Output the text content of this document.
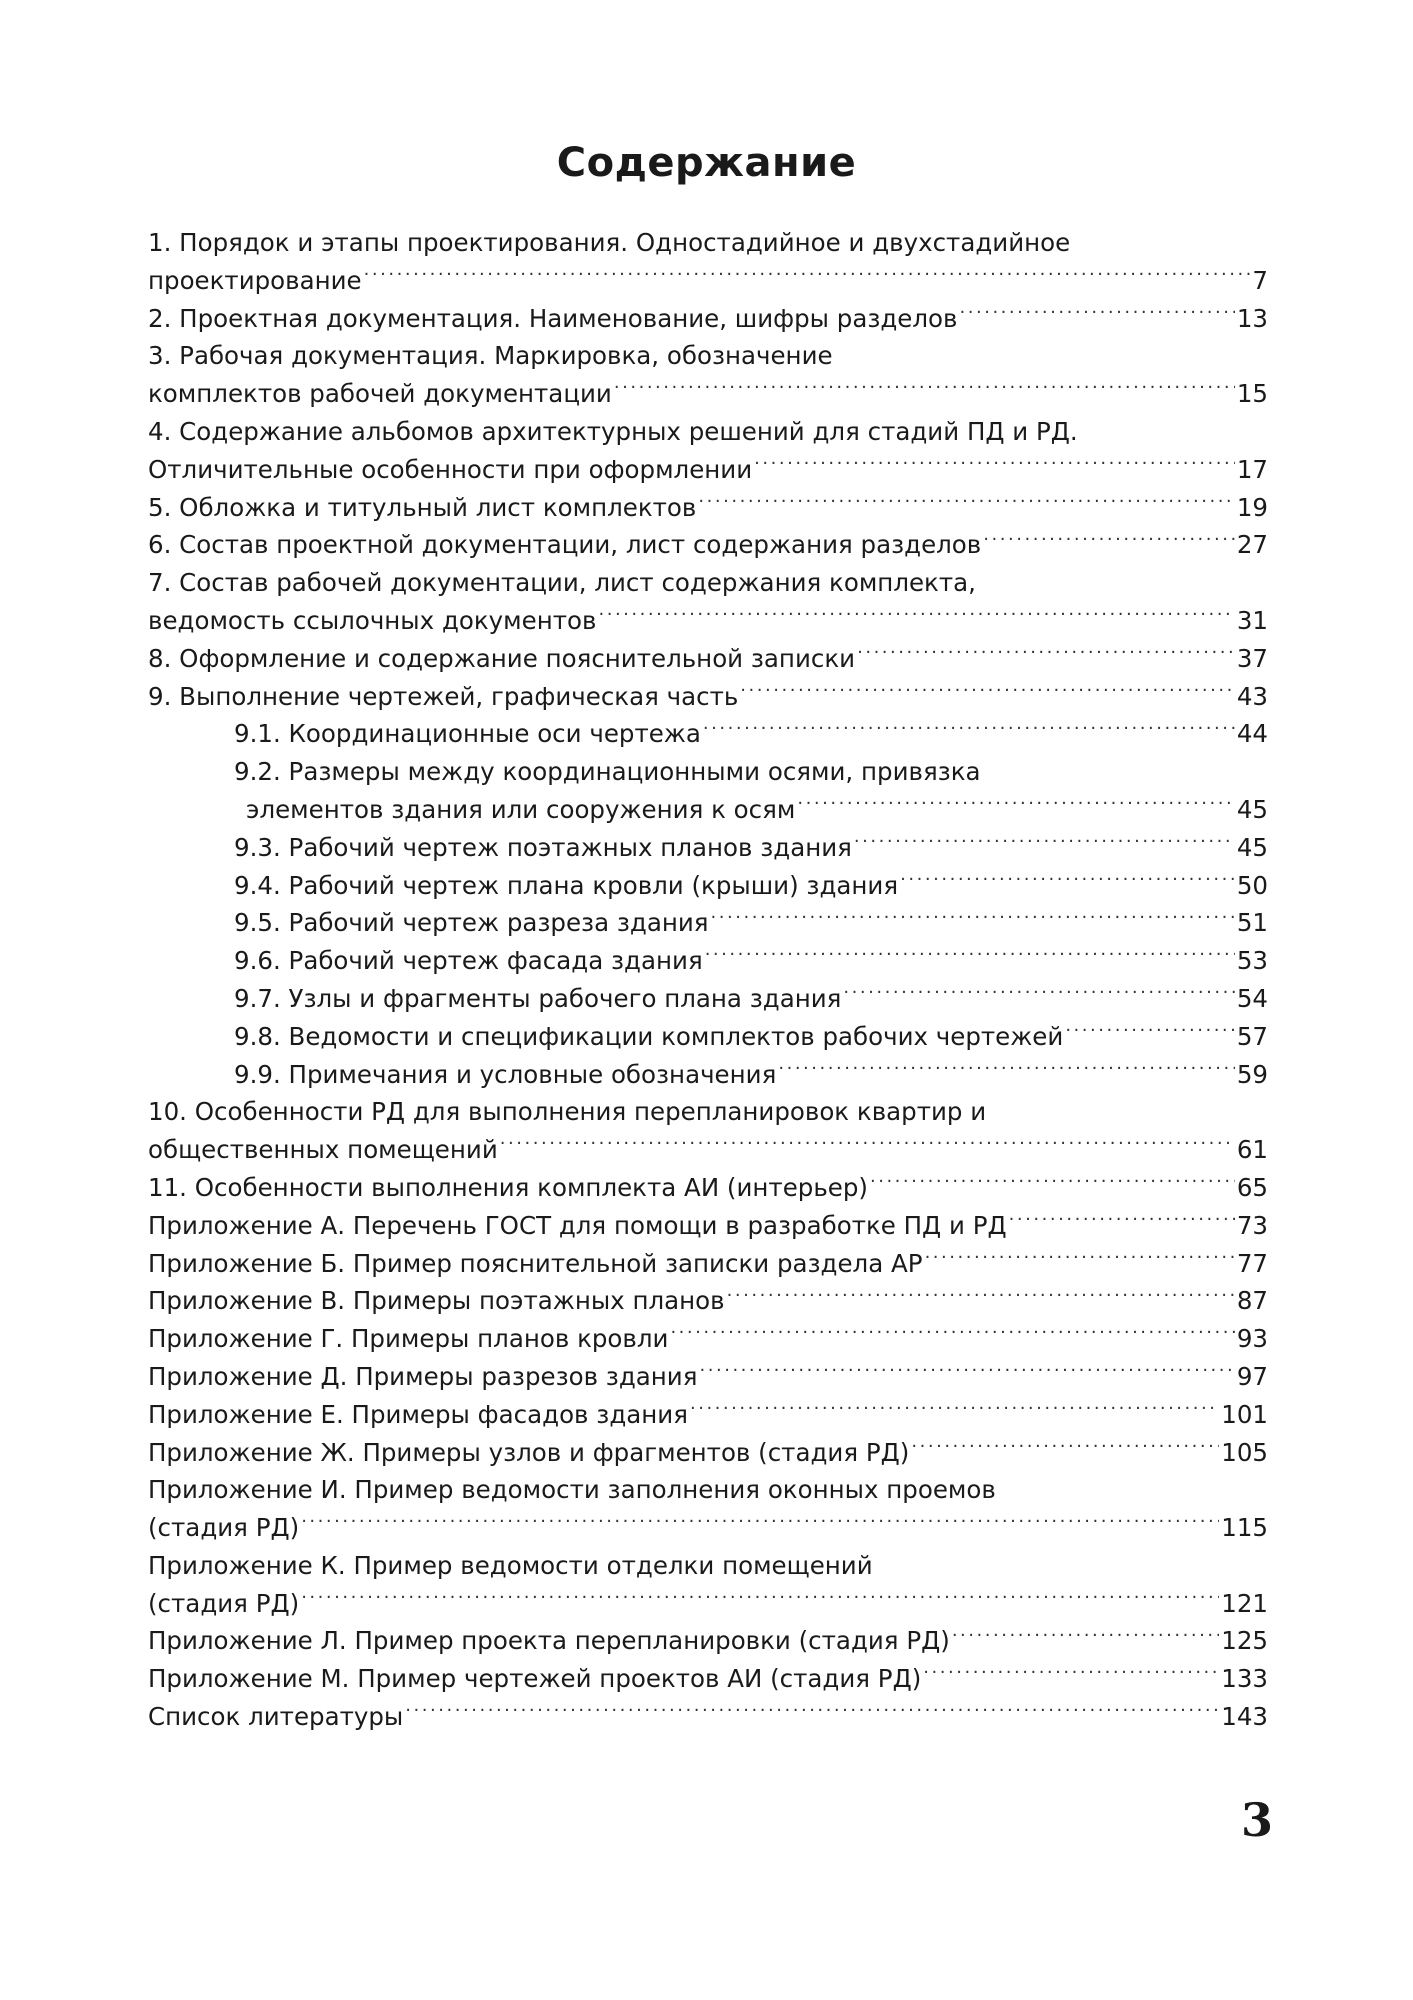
Содержание
1. Порядок и этапы проектирования. Одностадийное и двухстадийное
проектирование . . .	7
2. Проектная документация. Наименование, шифры разделов . . .	13
3. Рабочая документация. Маркировка, обозначение
комплектов рабочей документации . . .	15
4. Содержание альбомов архитектурных решений для стадий ПД и РД.
Отличительные особенности при оформлении . . .	17
5. Обложка и титульный лист комплектов . . .	19
6. Состав проектной документации, лист содержания разделов . . .	27
7. Состав рабочей документации, лист содержания комплекта,
ведомость ссылочных документов . . .	31
8. Оформление и содержание пояснительной записки . . .	37
9. Выполнение чертежей, графическая часть . . .	43
9.1. Координационные оси чертежа . . .	44
9.2. Размеры между координационными осями, привязка
элементов здания или сооружения к осям . . .	45
9.3. Рабочий чертеж поэтажных планов здания . . .	45
9.4. Рабочий чертеж плана кровли (крыши) здания . . .	50
9.5. Рабочий чертеж разреза здания . . .	51
9.6. Рабочий чертеж фасада здания . . .	53
9.7. Узлы и фрагменты рабочего плана здания . . .	54
9.8. Ведомости и спецификации комплектов рабочих чертежей . . .	57
9.9. Примечания и условные обозначения . . .	59
10. Особенности РД для выполнения перепланировок квартир и
общественных помещений . . .	61
11. Особенности выполнения комплекта АИ (интерьер) . . .	65
Приложение А. Перечень ГОСТ для помощи в разработке ПД и РД . . .	73
Приложение Б. Пример пояснительной записки раздела АР . . .	77
Приложение В. Примеры поэтажных планов . . .	87
Приложение Г. Примеры планов кровли . . .	93
Приложение Д. Примеры разрезов здания . . .	97
Приложение Е. Примеры фасадов здания . . .	101
Приложение Ж. Примеры узлов и фрагментов (стадия РД) . . .	105
Приложение И. Пример ведомости заполнения оконных проемов
(стадия РД) . . .	115
Приложение К. Пример ведомости отделки помещений
(стадия РД) . . .	121
Приложение Л. Пример проекта перепланировки (стадия РД) . . .	125
Приложение М. Пример чертежей проектов АИ (стадия РД) . . .	133
Список литературы . . .	143
3
